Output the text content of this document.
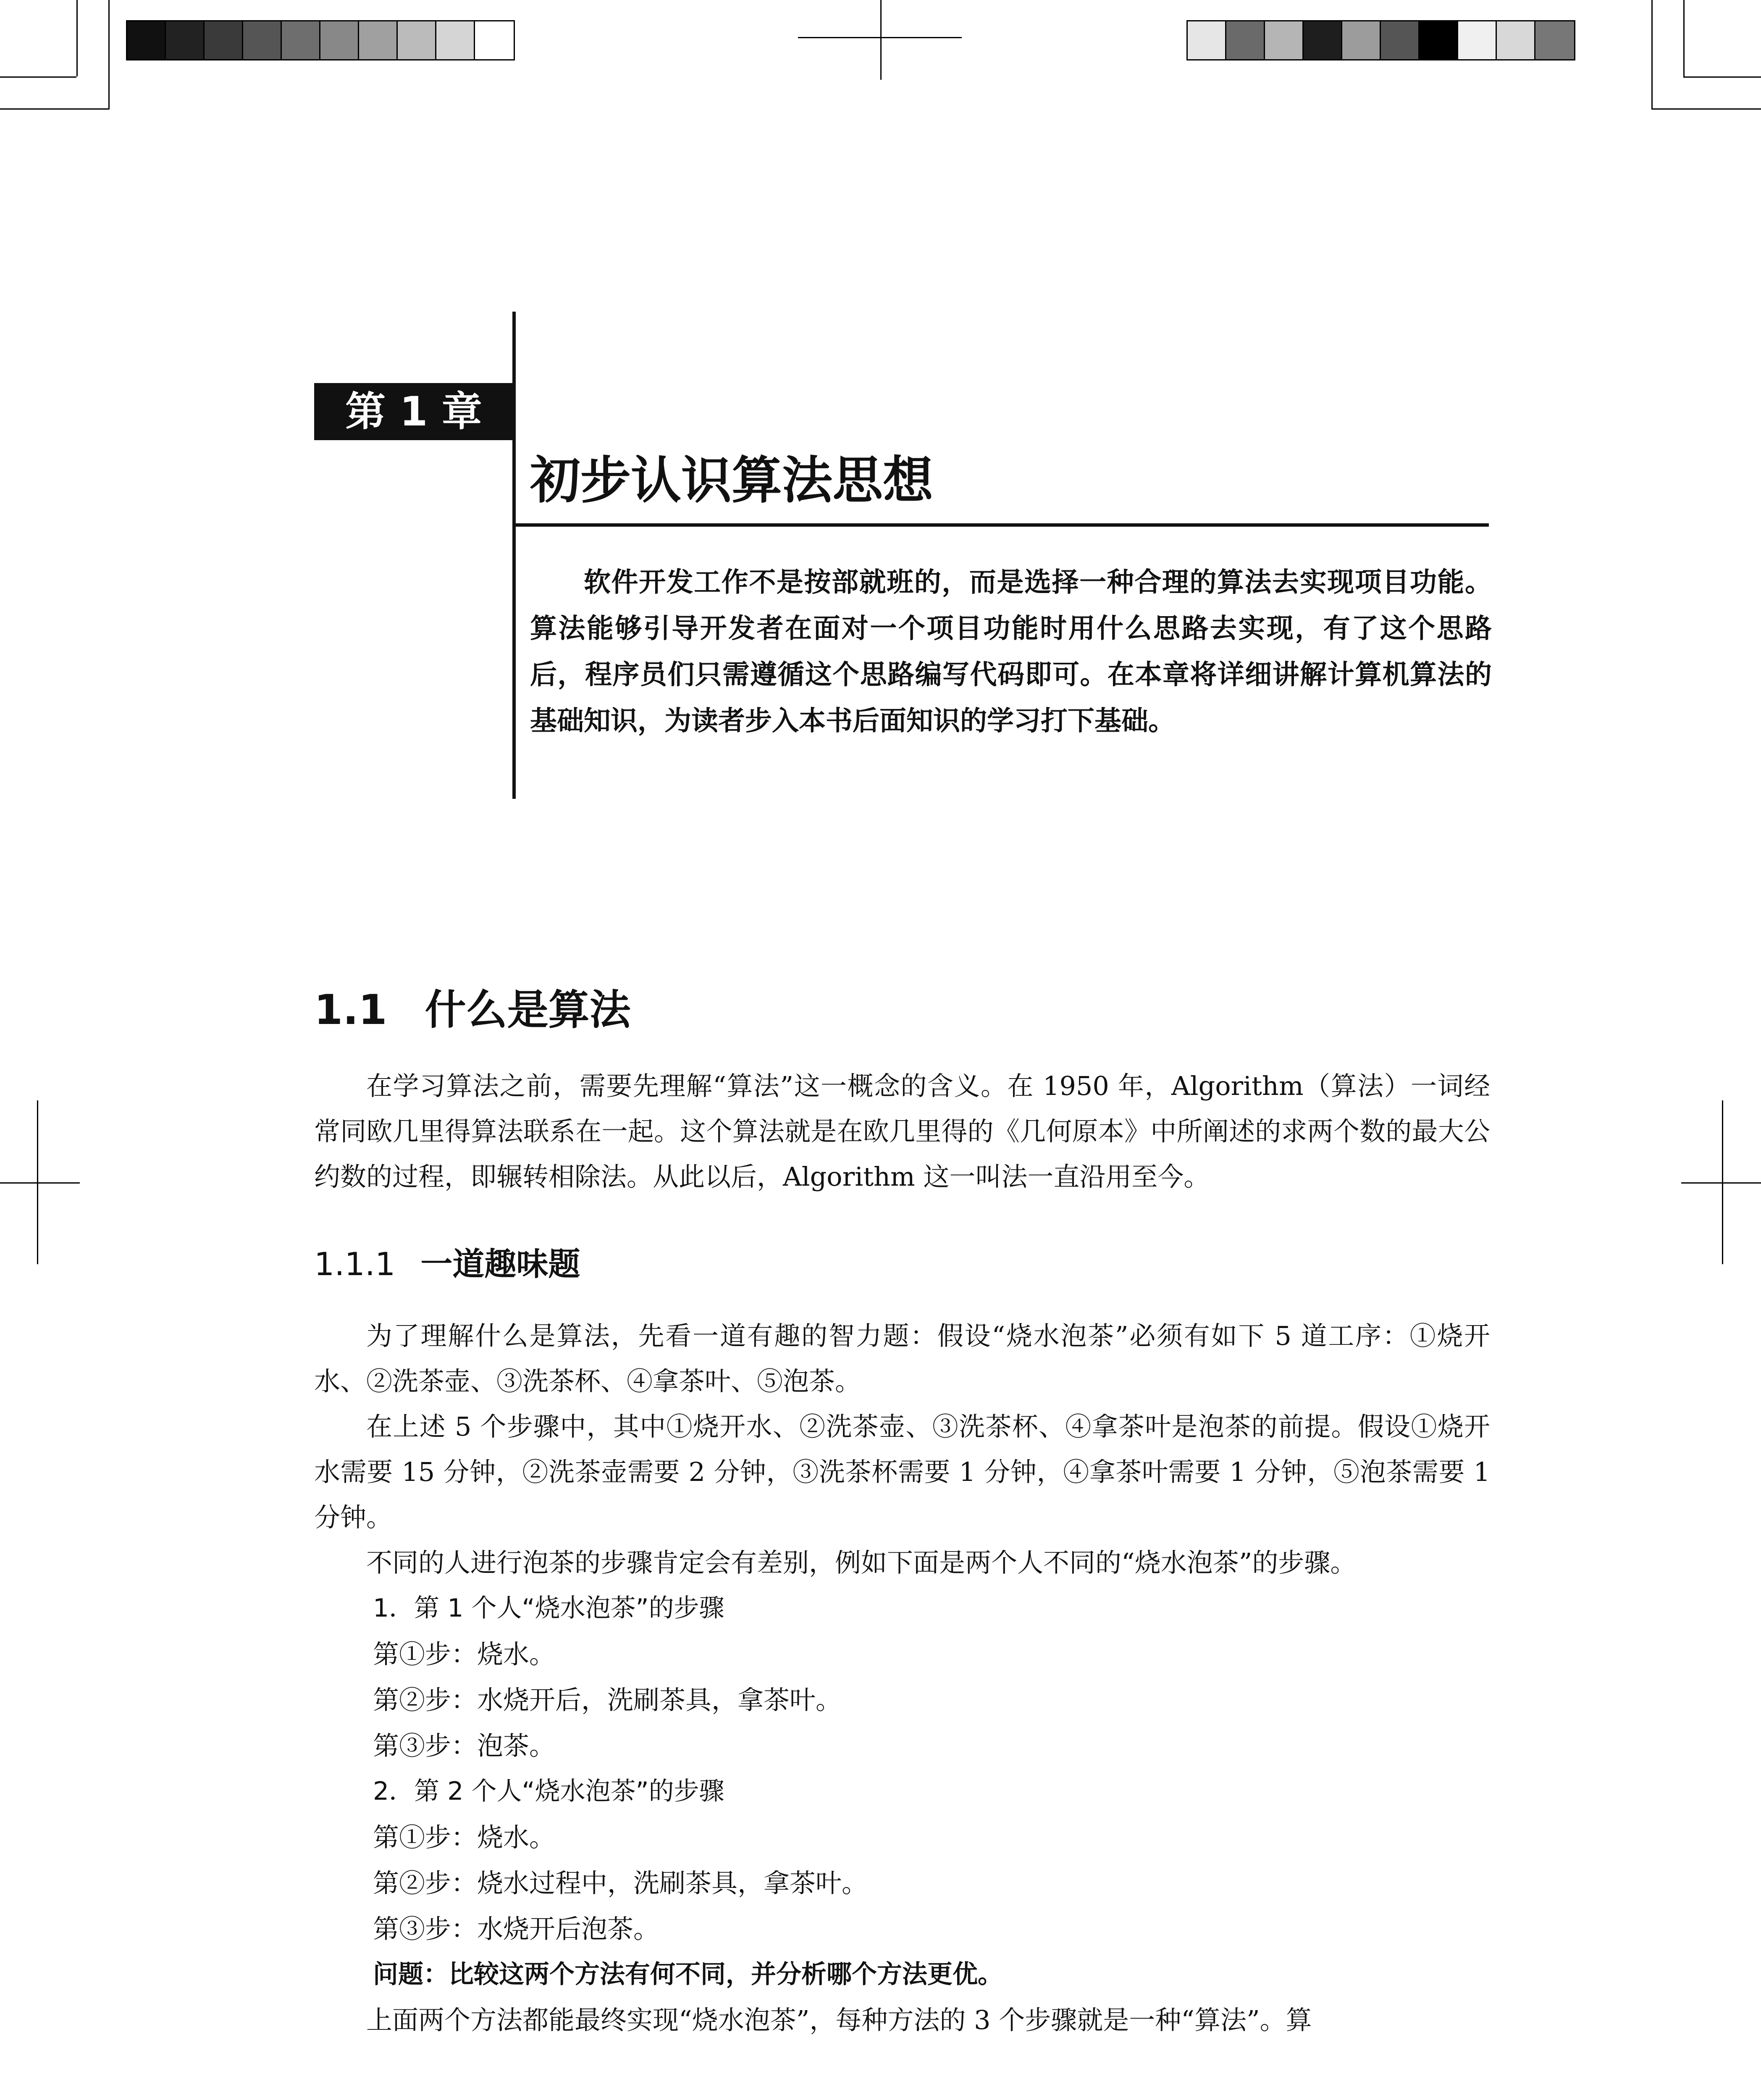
第 1 章
初步认识算法思想

软件开发工作不是按部就班的，而是选择一种合理的算法去实现项目功能。算法能够引导开发者在面对一个项目功能时用什么思路去实现，有了这个思路后，程序员们只需遵循这个思路编写代码即可。在本章将详细讲解计算机算法的基础知识，为读者步入本书后面知识的学习打下基础。

1.1 什么是算法

在学习算法之前，需要先理解“算法”这一概念的含义。在 1950 年，Algorithm（算法）一词经常同欧几里得算法联系在一起。这个算法就是在欧几里得的《几何原本》中所阐述的求两个数的最大公约数的过程，即辗转相除法。从此以后，Algorithm 这一叫法一直沿用至今。

1.1.1 一道趣味题

为了理解什么是算法，先看一道有趣的智力题：假设“烧水泡茶”必须有如下 5 道工序：①烧开水、②洗茶壶、③洗茶杯、④拿茶叶、⑤泡茶。

在上述 5 个步骤中，其中①烧开水、②洗茶壶、③洗茶杯、④拿茶叶是泡茶的前提。假设①烧开水需要 15 分钟，②洗茶壶需要 2 分钟，③洗茶杯需要 1 分钟，④拿茶叶需要 1 分钟，⑤泡茶需要 1 分钟。

不同的人进行泡茶的步骤肯定会有差别，例如下面是两个人不同的“烧水泡茶”的步骤。

1．第 1 个人“烧水泡茶”的步骤
第①步：烧水。
第②步：水烧开后，洗刷茶具，拿茶叶。
第③步：泡茶。
2．第 2 个人“烧水泡茶”的步骤
第①步：烧水。
第②步：烧水过程中，洗刷茶具，拿茶叶。
第③步：水烧开后泡茶。
问题：比较这两个方法有何不同，并分析哪个方法更优。

上面两个方法都能最终实现“烧水泡茶”，每种方法的 3 个步骤就是一种“算法”。算
